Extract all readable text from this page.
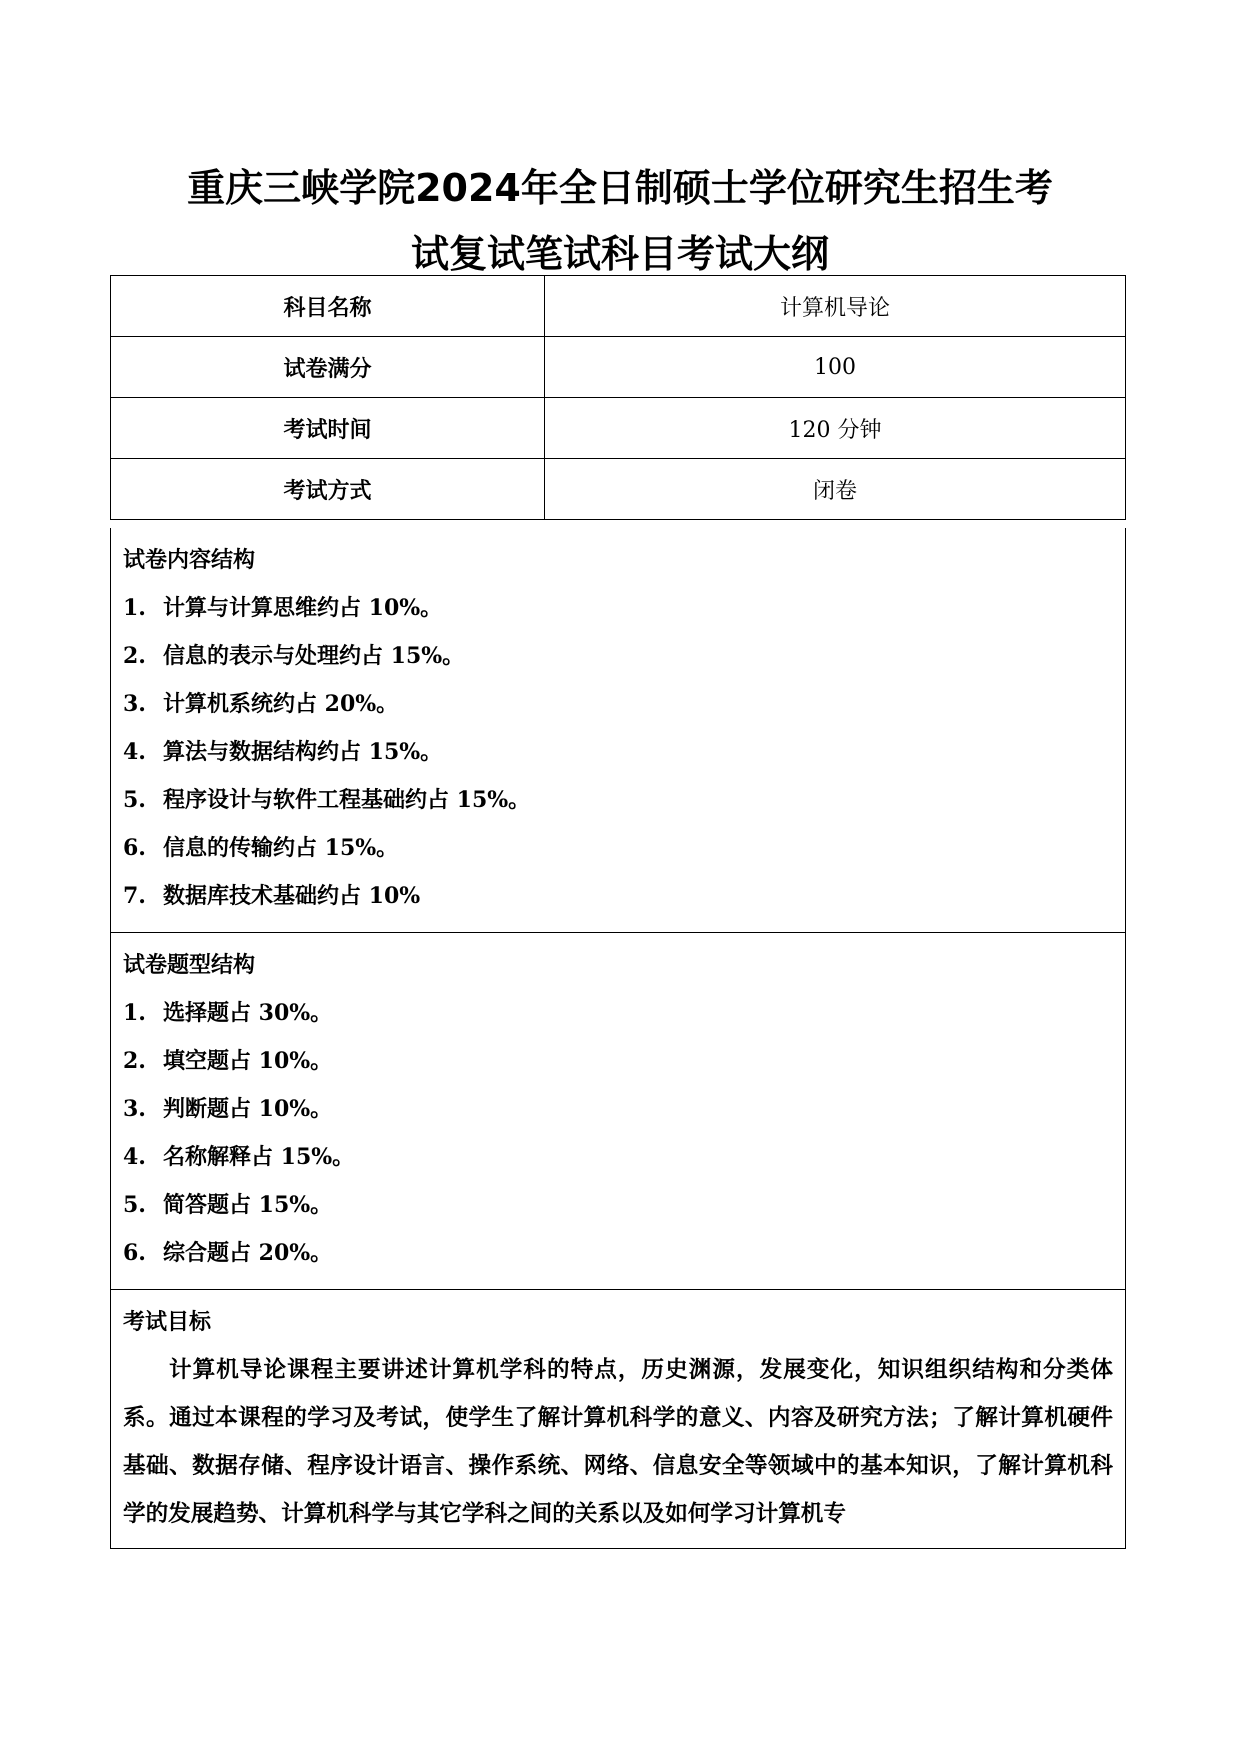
重庆三峡学院2024年全日制硕士学位研究生招生考
试复试笔试科目考试大纲
科目名称	计算机导论
试卷满分	100
考试时间	120 分钟
考试方式	闭卷
试卷内容结构
1. 计算与计算思维约占 10%。
2. 信息的表示与处理约占 15%。
3. 计算机系统约占 20%。
4. 算法与数据结构约占 15%。
5. 程序设计与软件工程基础约占 15%。
6. 信息的传输约占 15%。
7. 数据库技术基础约占 10%
试卷题型结构
1. 选择题占 30%。
2. 填空题占 10%。
3. 判断题占 10%。
4. 名称解释占 15%。
5. 简答题占 15%。
6. 综合题占 20%。
考试目标
计算机导论课程主要讲述计算机学科的特点，历史渊源，发展变化，知识组织结构和分类体系。通过本课程的学习及考试，使学生了解计算机科学的意义、内容及研究方法；了解计算机硬件基础、数据存储、程序设计语言、操作系统、网络、信息安全等领域中的基本知识，了解计算机科学的发展趋势、计算机科学与其它学科之间的关系以及如何学习计算机专
